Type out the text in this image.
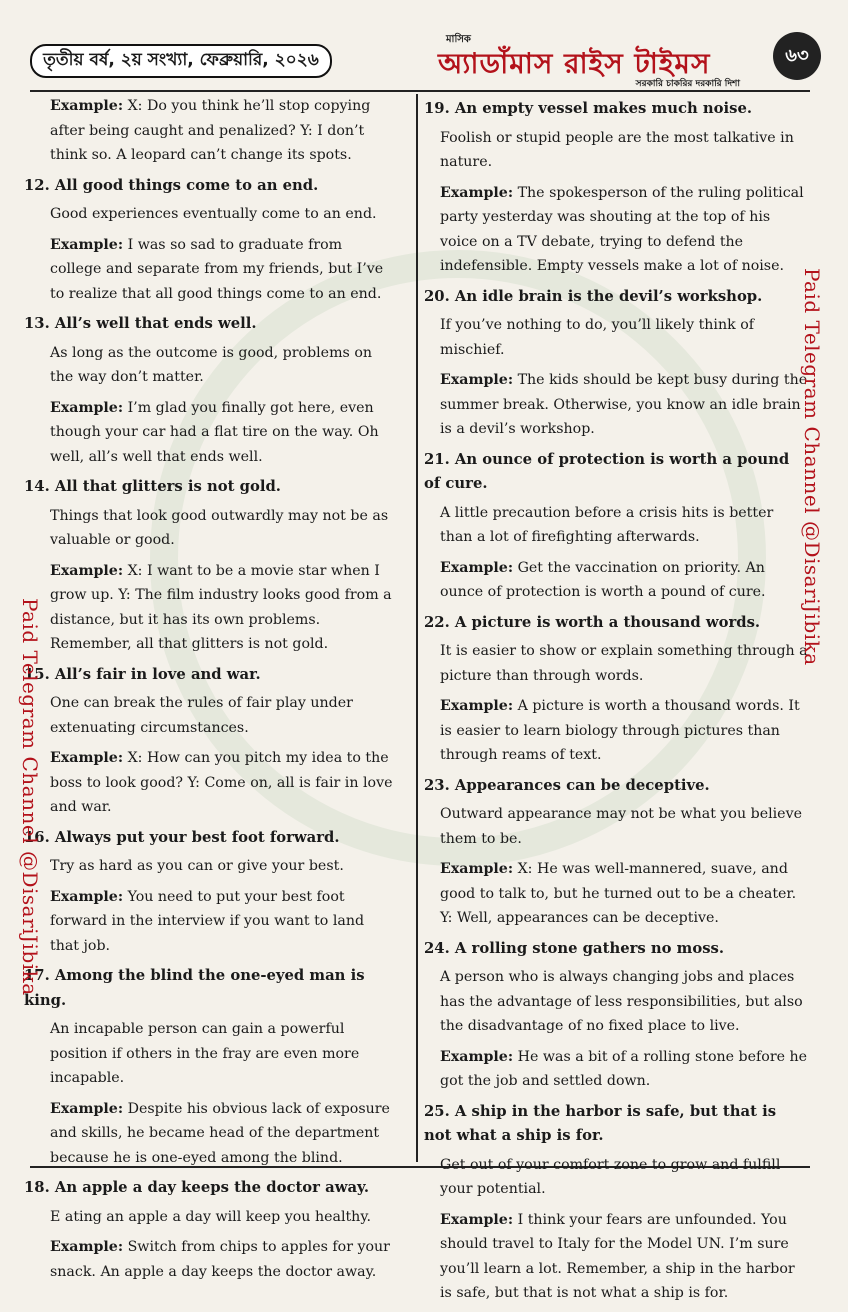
তৃতীয় বর্ষ, ২য় সংখ্যা, ফেব্রুয়ারি, ২০২৬
মাসিক
অ্যাডাঁমাস রাইস টাইমস
সরকারি চাকরির দরকারি দিশা
৬৩
Example: X: Do you think he’ll stop copying after being caught and penalized? Y: I don’t think so. A leopard can’t change its spots.
12. All good things come to an end.
Good experiences eventually come to an end.
Example: I was so sad to graduate from college and separate from my friends, but I’ve to realize that all good things come to an end.
13. All’s well that ends well.
As long as the outcome is good, problems on the way don’t matter.
Example: I’m glad you finally got here, even though your car had a flat tire on the way. Oh well, all’s well that ends well.
14. All that glitters is not gold.
Things that look good outwardly may not be as valuable or good.
Example: X: I want to be a movie star when I grow up. Y: The film industry looks good from a distance, but it has its own problems. Remember, all that glitters is not gold.
15. All’s fair in love and war.
One can break the rules of fair play under extenuating circumstances.
Example: X: How can you pitch my idea to the boss to look good? Y: Come on, all is fair in love and war.
16. Always put your best foot forward.
Try as hard as you can or give your best.
Example: You need to put your best foot forward in the interview if you want to land that job.
17. Among the blind the one-eyed man is king.
An incapable person can gain a powerful position if others in the fray are even more incapable.
Example: Despite his obvious lack of exposure and skills, he became head of the department because he is one-eyed among the blind.
18. An apple a day keeps the doctor away.
E ating an apple a day will keep you healthy.
Example: Switch from chips to apples for your snack. An apple a day keeps the doctor away.
19. An empty vessel makes much noise.
Foolish or stupid people are the most talkative in nature.
Example: The spokesperson of the ruling political party yesterday was shouting at the top of his voice on a TV debate, trying to defend the indefensible. Empty vessels make a lot of noise.
20. An idle brain is the devil’s workshop.
If you’ve nothing to do, you’ll likely think of mischief.
Example: The kids should be kept busy during the summer break. Otherwise, you know an idle brain is a devil’s workshop.
21. An ounce of protection is worth a pound of cure.
A little precaution before a crisis hits is better than a lot of firefighting afterwards.
Example: Get the vaccination on priority. An ounce of protection is worth a pound of cure.
22. A picture is worth a thousand words.
It is easier to show or explain something through a picture than through words.
Example: A picture is worth a thousand words. It is easier to learn biology through pictures than through reams of text.
23. Appearances can be deceptive.
Outward appearance may not be what you believe them to be.
Example: X: He was well-mannered, suave, and good to talk to, but he turned out to be a cheater. Y: Well, appearances can be deceptive.
24. A rolling stone gathers no moss.
A person who is always changing jobs and places has the advantage of less responsibilities, but also the disadvantage of no fixed place to live.
Example: He was a bit of a rolling stone before he got the job and settled down.
25. A ship in the harbor is safe, but that is not what a ship is for.
Get out of your comfort zone to grow and fulfill your potential.
Example: I think your fears are unfounded. You should travel to Italy for the Model UN. I’m sure you’ll learn a lot. Remember, a ship in the harbor is safe, but that is not what a ship is for.
Paid Telegram Channel @DisariJibika
Paid Telegram Channel @DisariJibika
